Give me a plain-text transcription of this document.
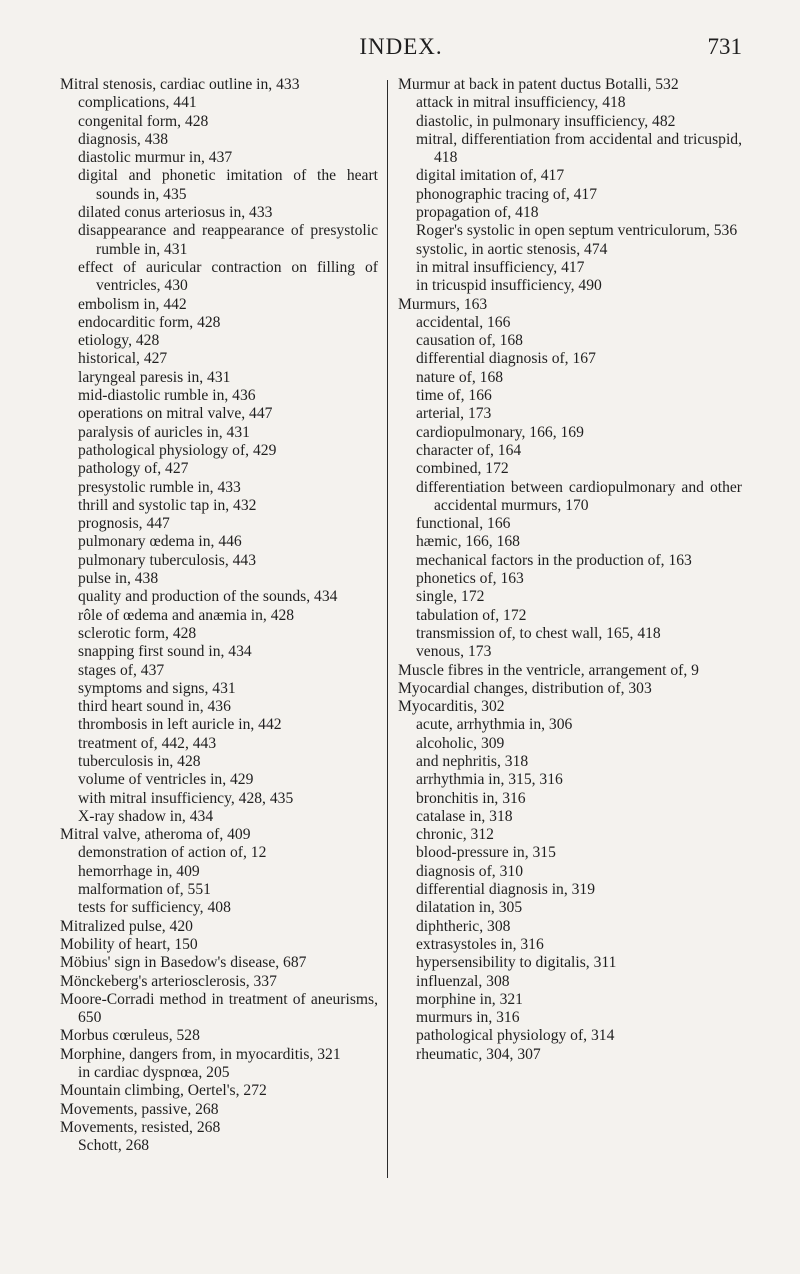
INDEX.	731

Mitral stenosis, cardiac outline in, 433

complications, 441

congenital form, 428

diagnosis, 438

diastolic murmur in, 437

digital and phonetic imitation of the heart sounds in, 435

dilated conus arteriosus in, 433

disappearance and reappearance of presystolic rumble in, 431

effect of auricular contraction on filling of ventricles, 430

embolism in, 442

endocarditic form, 428

etiology, 428

historical, 427

laryngeal paresis in, 431

mid-diastolic rumble in, 436

operations on mitral valve, 447

paralysis of auricles in, 431

pathological physiology of, 429

pathology of, 427

presystolic rumble in, 433

thrill and systolic tap in, 432

prognosis, 447

pulmonary œdema in, 446

pulmonary tuberculosis, 443

pulse in, 438

quality and production of the sounds, 434

rôle of œdema and anæmia in, 428

sclerotic form, 428

snapping first sound in, 434

stages of, 437

symptoms and signs, 431

third heart sound in, 436

thrombosis in left auricle in, 442

treatment of, 442, 443

tuberculosis in, 428

volume of ventricles in, 429

with mitral insufficiency, 428, 435

X-ray shadow in, 434

Mitral valve, atheroma of, 409

demonstration of action of, 12

hemorrhage in, 409

malformation of, 551

tests for sufficiency, 408

Mitralized pulse, 420

Mobility of heart, 150

Möbius' sign in Basedow's disease, 687

Mönckeberg's arteriosclerosis, 337

Moore-Corradi method in treatment of aneurisms, 650

Morbus cœruleus, 528

Morphine, dangers from, in myocarditis, 321

in cardiac dyspnœa, 205

Mountain climbing, Oertel's, 272

Movements, passive, 268

Movements, resisted, 268

Schott, 268

Murmur at back in patent ductus Botalli, 532

attack in mitral insufficiency, 418

diastolic, in pulmonary insufficiency, 482

mitral, differentiation from accidental and tricuspid, 418

digital imitation of, 417

phonographic tracing of, 417

propagation of, 418

Roger's systolic in open septum ventriculorum, 536

systolic, in aortic stenosis, 474

in mitral insufficiency, 417

in tricuspid insufficiency, 490

Murmurs, 163

accidental, 166

causation of, 168

differential diagnosis of, 167

nature of, 168

time of, 166

arterial, 173

cardiopulmonary, 166, 169

character of, 164

combined, 172

differentiation between cardiopulmonary and other accidental murmurs, 170

functional, 166

hæmic, 166, 168

mechanical factors in the production of, 163

phonetics of, 163

single, 172

tabulation of, 172

transmission of, to chest wall, 165, 418

venous, 173

Muscle fibres in the ventricle, arrangement of, 9

Myocardial changes, distribution of, 303

Myocarditis, 302

acute, arrhythmia in, 306

alcoholic, 309

and nephritis, 318

arrhythmia in, 315, 316

bronchitis in, 316

catalase in, 318

chronic, 312

blood-pressure in, 315

diagnosis of, 310

differential diagnosis in, 319

dilatation in, 305

diphtheric, 308

extrasystoles in, 316

hypersensibility to digitalis, 311

influenzal, 308

morphine in, 321

murmurs in, 316

pathological physiology of, 314

rheumatic, 304, 307
